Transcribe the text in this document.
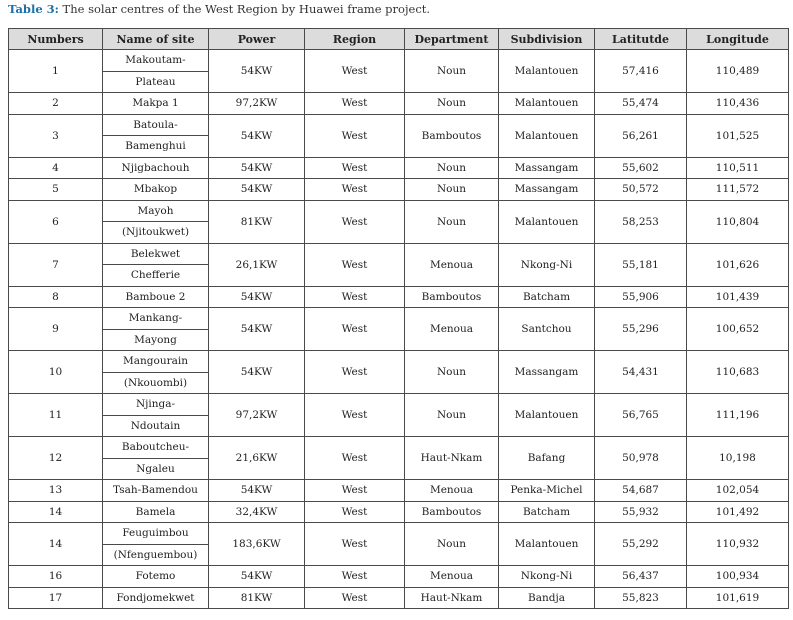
Table 3: The solar centres of the West Region by Huawei frame project.
Numbers	Name of site	Power	Region	Department	Subdivision	Latitutde	Longitude
1	Makoutam-	54KW	West	Noun	Malantouen	57,416	110,489
	Plateau						
2	Makpa 1	97,2KW	West	Noun	Malantouen	55,474	110,436
3	Batoula-	54KW	West	Bamboutos	Malantouen	56,261	101,525
	Bamenghui						
4	Njigbachouh	54KW	West	Noun	Massangam	55,602	110,511
5	Mbakop	54KW	West	Noun	Massangam	50,572	111,572
6	Mayoh	81KW	West	Noun	Malantouen	58,253	110,804
	(Njitoukwet)						
7	Belekwet	26,1KW	West	Menoua	Nkong-Ni	55,181	101,626
	Chefferie						
8	Bamboue 2	54KW	West	Bamboutos	Batcham	55,906	101,439
9	Mankang-	54KW	West	Menoua	Santchou	55,296	100,652
	Mayong						
10	Mangourain	54KW	West	Noun	Massangam	54,431	110,683
	(Nkouombi)						
11	Njinga-	97,2KW	West	Noun	Malantouen	56,765	111,196
	Ndoutain						
12	Baboutcheu-	21,6KW	West	Haut-Nkam	Bafang	50,978	10,198
	Ngaleu						
13	Tsah-Bamendou	54KW	West	Menoua	Penka-Michel	54,687	102,054
14	Bamela	32,4KW	West	Bamboutos	Batcham	55,932	101,492
14	Feuguimbou	183,6KW	West	Noun	Malantouen	55,292	110,932
	(Nfenguembou)						
16	Fotemo	54KW	West	Menoua	Nkong-Ni	56,437	100,934
17	Fondjomekwet	81KW	West	Haut-Nkam	Bandja	55,823	101,619
